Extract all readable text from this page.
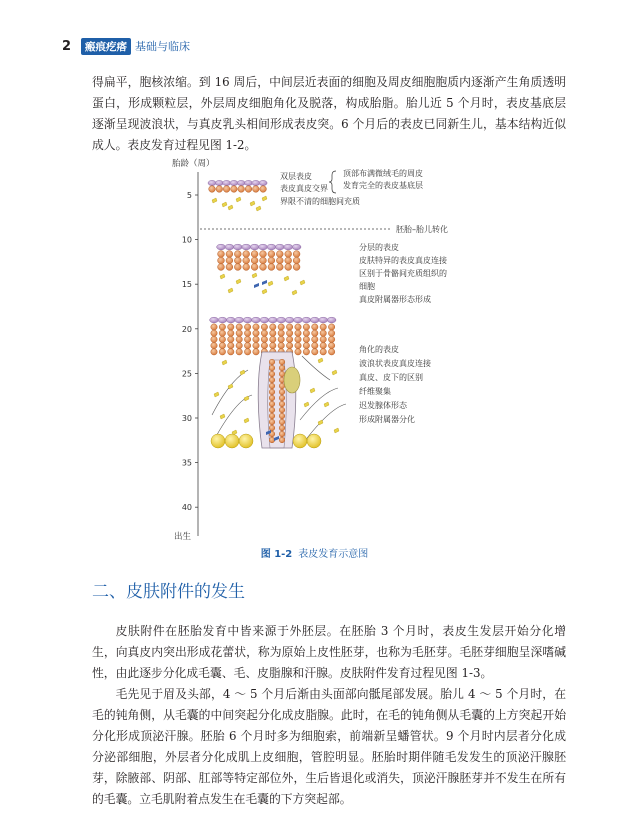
2	瘢痕疙瘩 基础与临床

得扁平，胞核浓缩。到 16 周后，中间层近表面的细胞及周皮细胞胞质内逐渐产生角质透明蛋白，形成颗粒层，外层周皮细胞角化及脱落，构成胎脂。胎儿近 5 个月时，表皮基底层逐渐呈现波浪状，与真皮乳头相间形成表皮突。6 个月后的表皮已同新生儿，基本结构近似成人。表皮发育过程见图 1-2。

胎龄（周）
5
10
15
20
25
30
35
40
出生
胚胎–胎儿转化
双层表皮
表皮真皮交界
顶部布满微绒毛的周皮
发育完全的表皮基底层
界限不清的细胞间充质
分层的表皮
皮肤特异的表皮真皮连接
区别于骨骼间充质组织的
细胞
真皮附属器形态形成
角化的表皮
波浪状表皮真皮连接
真皮、皮下的区别
纤维聚集
迟发腺体形态
形成附属器分化
图 1-2 表皮发育示意图
二、皮肤附件的发生

皮肤附件在胚胎发育中皆来源于外胚层。在胚胎 3 个月时，表皮生发层开始分化增生，向真皮内突出形成花蕾状，称为原始上皮性胚芽，也称为毛胚芽。毛胚芽细胞呈深嗜碱性，由此逐步分化成毛囊、毛、皮脂腺和汗腺。皮肤附件发育过程见图 1-3。

毛先见于眉及头部，4 ～ 5 个月后渐由头面部向骶尾部发展。胎儿 4 ～ 5 个月时，在毛的钝角侧，从毛囊的中间突起分化成皮脂腺。此时，在毛的钝角侧从毛囊的上方突起开始分化形成顶泌汗腺。胚胎 6 个月时多为细胞索，前端新呈蟠管状。9 个月时内层者分化成分泌部细胞，外层者分化成肌上皮细胞，管腔明显。胚胎时期伴随毛发发生的顶泌汗腺胚芽，除腋部、阴部、肛部等特定部位外，生后皆退化或消失，顶泌汗腺胚芽并不发生在所有的毛囊。立毛肌附着点发生在毛囊的下方突起部。
